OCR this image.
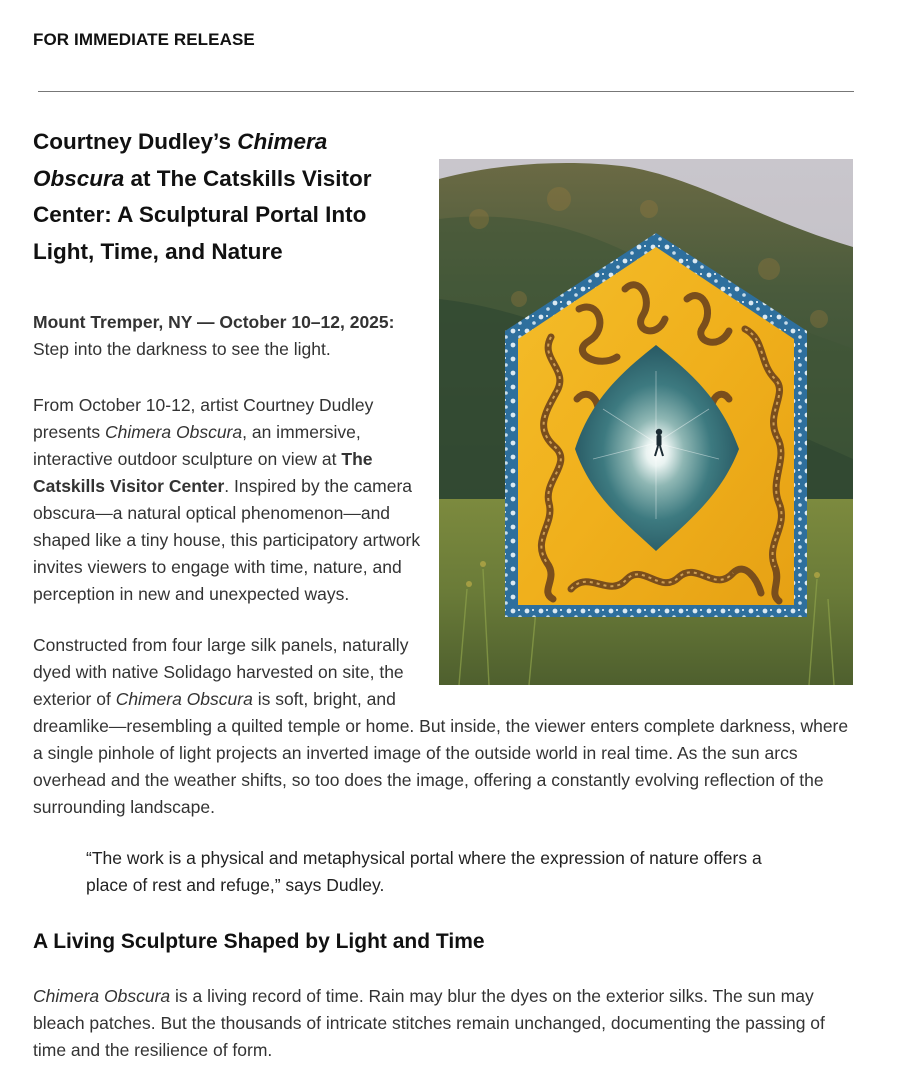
FOR IMMEDIATE RELEASE
Courtney Dudley’s Chimera Obscura at The Catskills Visitor Center: A Sculptural Portal Into Light, Time, and Nature
Mount Tremper, NY — October 10–12, 2025:
Step into the darkness to see the light.

From October 10-12, artist Courtney Dudley presents Chimera Obscura, an immersive, interactive outdoor sculpture on view at The Catskills Visitor Center. Inspired by the camera obscura—a natural optical phenomenon—and shaped like a tiny house, this participatory artwork invites viewers to engage with time, nature, and perception in new and unexpected ways.

Constructed from four large silk panels, naturally dyed with native Solidago harvested on site, the exterior of Chimera Obscura is soft, bright, and dreamlike—resembling a quilted temple or home. But inside, the viewer enters complete darkness, where a single pinhole of light projects an inverted image of the outside world in real time. As the sun arcs overhead and the weather shifts, so too does the image, offering a constantly evolving reflection of the surrounding landscape.

“The work is a physical and metaphysical portal where the expression of nature offers a place of rest and refuge,” says Dudley.
A Living Sculpture Shaped by Light and Time

Chimera Obscura is a living record of time. Rain may blur the dyes on the exterior silks. The sun may bleach patches. But the thousands of intricate stitches remain unchanged, documenting the passing of time and the resilience of form.
